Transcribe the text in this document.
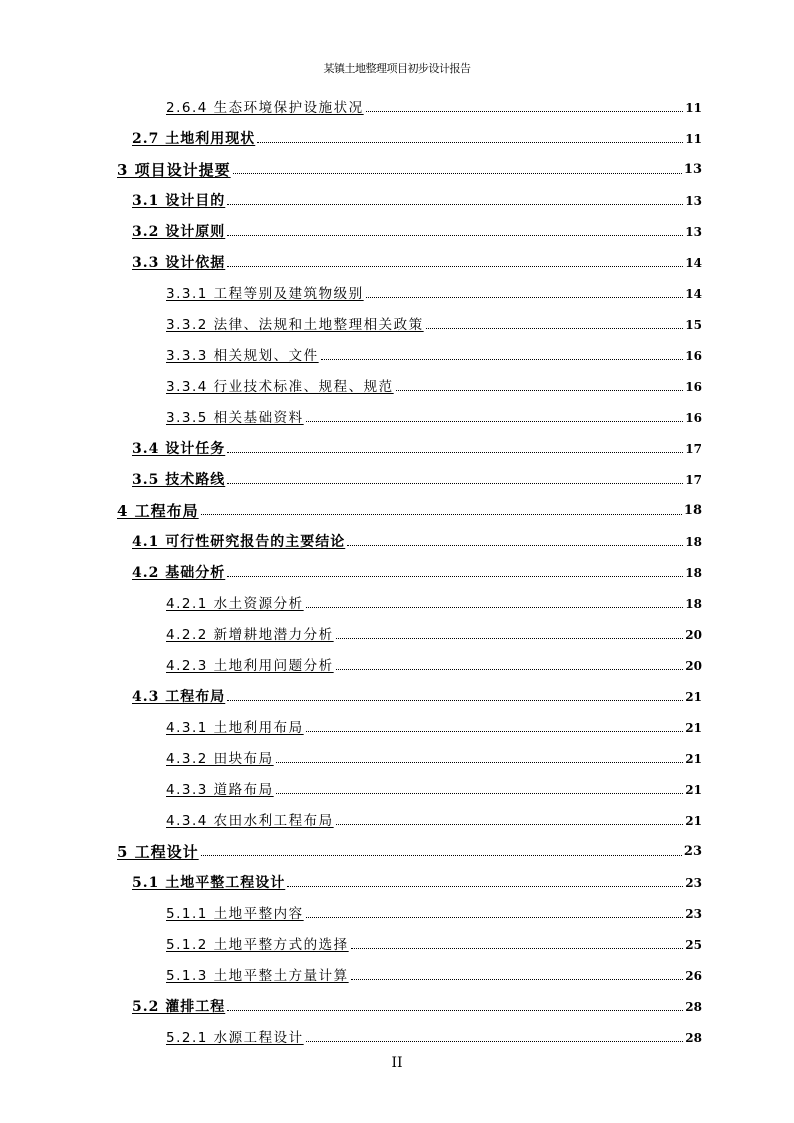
某镇土地整理项目初步设计报告
2.6.4 生态环境保护设施状况	11
2.7 土地利用现状	11
3 项目设计提要	13
3.1 设计目的	13
3.2 设计原则	13
3.3 设计依据	14
3.3.1 工程等别及建筑物级别	14
3.3.2 法律、法规和土地整理相关政策	15
3.3.3 相关规划、文件	16
3.3.4 行业技术标准、规程、规范	16
3.3.5 相关基础资料	16
3.4 设计任务	17
3.5 技术路线	17
4 工程布局	18
4.1 可行性研究报告的主要结论	18
4.2 基础分析	18
4.2.1 水土资源分析	18
4.2.2 新增耕地潜力分析	20
4.2.3 土地利用问题分析	20
4.3 工程布局	21
4.3.1 土地利用布局	21
4.3.2 田块布局	21
4.3.3 道路布局	21
4.3.4 农田水利工程布局	21
5 工程设计	23
5.1 土地平整工程设计	23
5.1.1 土地平整内容	23
5.1.2 土地平整方式的选择	25
5.1.3 土地平整土方量计算	26
5.2 灌排工程	28
5.2.1 水源工程设计	28
II
